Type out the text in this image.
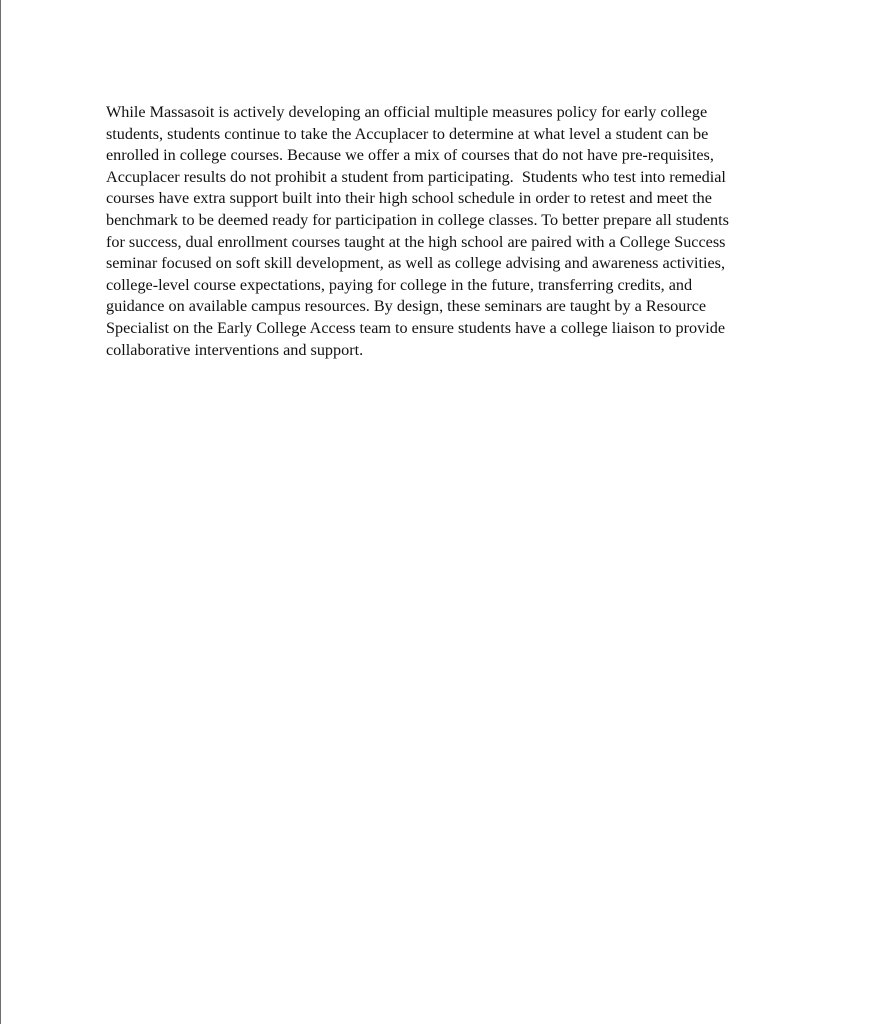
While Massasoit is actively developing an official multiple measures policy for early college
students, students continue to take the Accuplacer to determine at what level a student can be
enrolled in college courses. Because we offer a mix of courses that do not have pre-requisites,
Accuplacer results do not prohibit a student from participating.  Students who test into remedial
courses have extra support built into their high school schedule in order to retest and meet the
benchmark to be deemed ready for participation in college classes. To better prepare all students
for success, dual enrollment courses taught at the high school are paired with a College Success
seminar focused on soft skill development, as well as college advising and awareness activities,
college-level course expectations, paying for college in the future, transferring credits, and
guidance on available campus resources. By design, these seminars are taught by a Resource
Specialist on the Early College Access team to ensure students have a college liaison to provide
collaborative interventions and support.
